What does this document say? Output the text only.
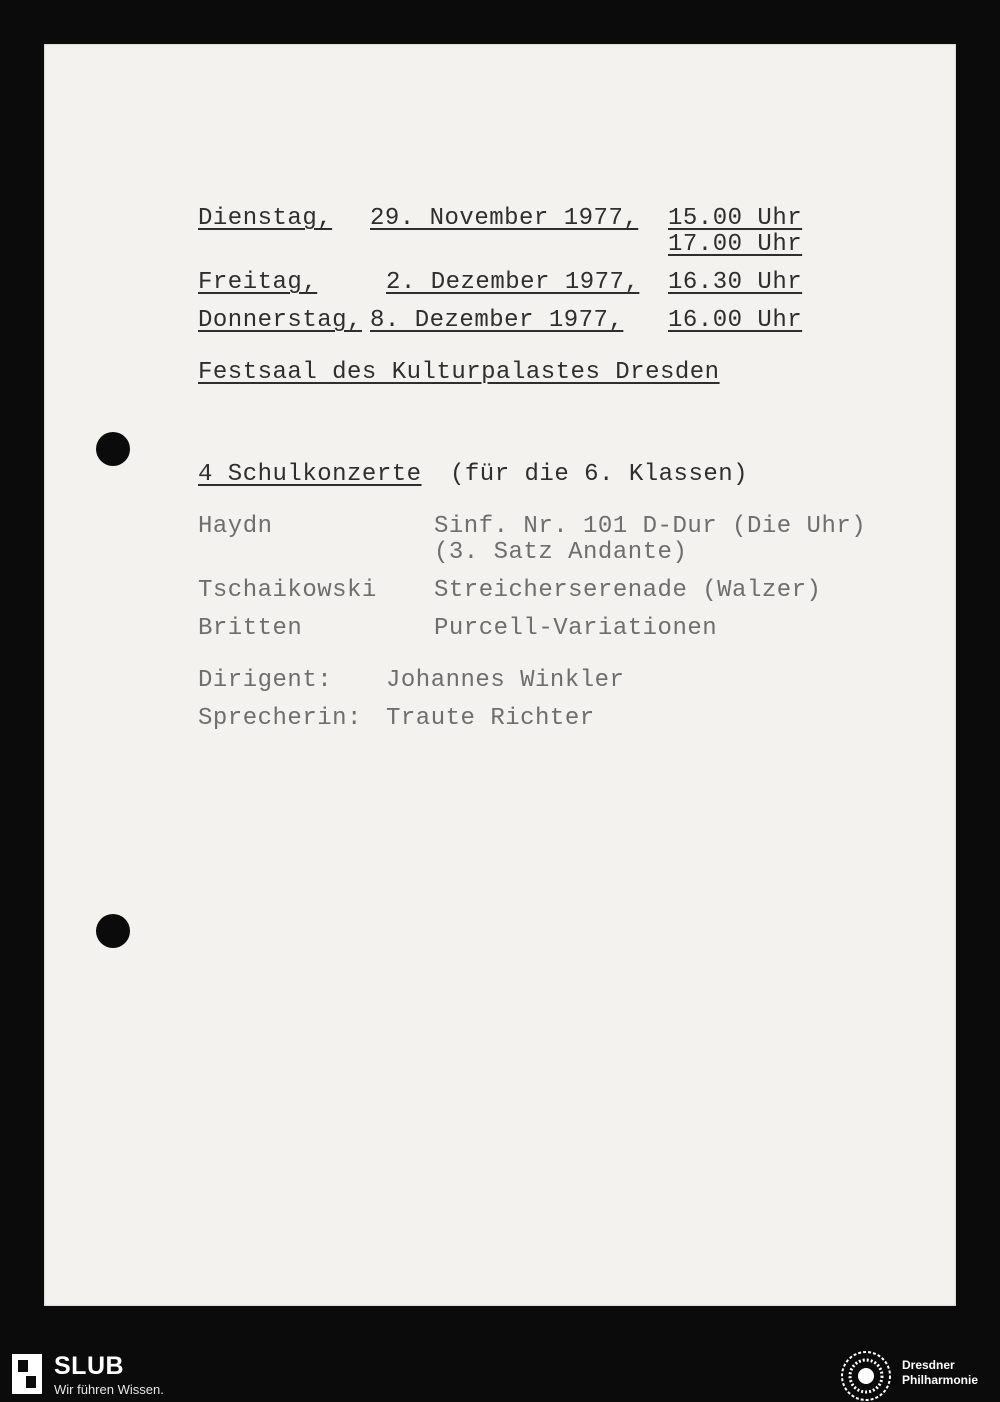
Dienstag, 29. November 1977, 15.00 Uhr
17.00 Uhr
Freitag,	2. Dezember 1977, 16.30 Uhr
Donnerstag, 8. Dezember 1977, 16.00 Uhr
Festsaal des Kulturpalastes Dresden
4 Schulkonzerte (für die 6. Klassen)
Haydn	Sinf. Nr. 101 D-Dur (Die Uhr)
(3. Satz Andante)
Tschaikowski Streicherserenade (Walzer)
Britten	Purcell-Variationen
Dirigent: Johannes Winkler
Sprecherin: Traute Richter
SLUB
Wir führen Wissen.
Dresdner
Philharmonie
